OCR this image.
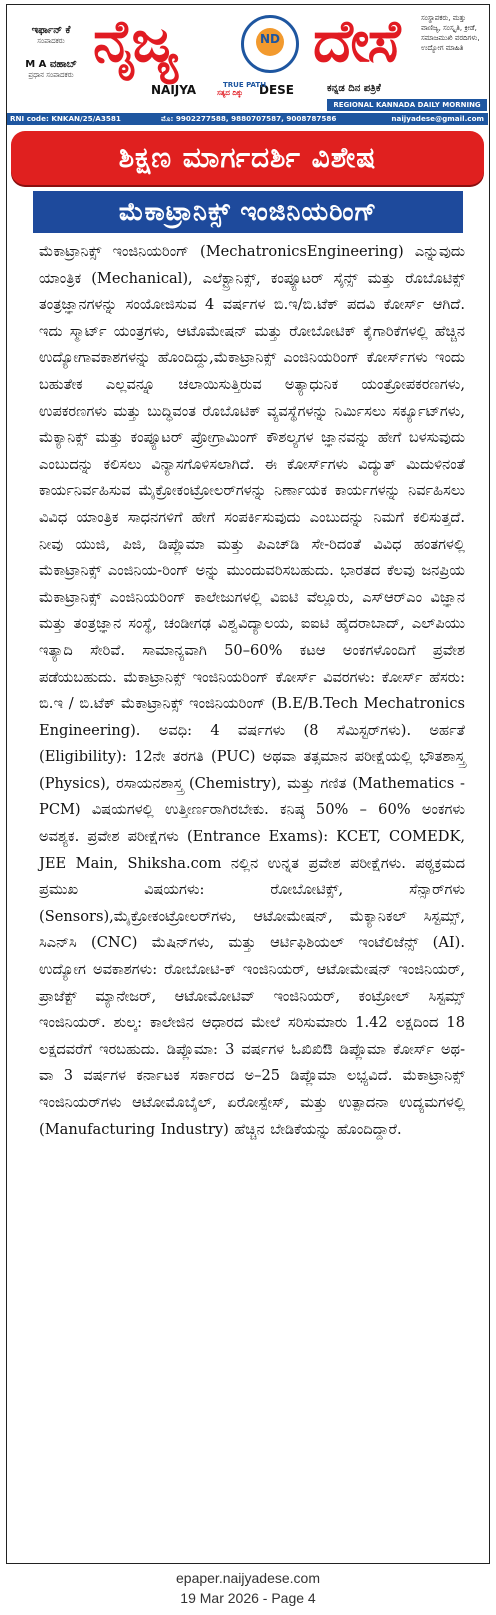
ಇರ್ಫಾನ್ ಕೆ
ಸಂಪಾದಕರು
M A ವಹಾಬ್
ಪ್ರಧಾನ ಸಂಪಾದಕರು ನೈಜ್ಯ	ND ದೇಸೆ
NAIJYA	DESE
TRUE PATH
ಸತ್ಯದ ದಿಕ್ಕು	ಕನ್ನಡ ದಿನ ಪತ್ರಿಕೆ
ಸಂಸ್ಥಾಪಕರು, ಮತ್ತು ವಾಣಿಜ್ಯ, ಸಂಸ್ಕೃತಿ, ಕ್ರೀಡೆ, ಸಮಾಜಮುಖಿ ವರದಿಗಳು, ಉದ್ಯೋಗ ಮಾಹಿತಿ
REGIONAL KANNADA DAILY MORNING
RNI code: KNKAN/25/A3581	ಮೊ: 9902277588, 9880707587, 9008787586	naijyadese@gmail.com
ಶಿಕ್ಷಣ ಮಾರ್ಗದರ್ಶಿ ವಿಶೇಷ
ಮೆಕಾಟ್ರಾನಿಕ್ಸ್ ಇಂಜಿನಿಯರಿಂಗ್
ಮೆಕಾಟ್ರಾನಿಕ್ಸ್ ಇಂಜಿನಿಯರಿಂಗ್ (MechatronicsEngineering) ಎನ್ನುವುದು ಯಾಂತ್ರಿಕ (Mechanical), ಎಲೆಕ್ಟ್ರಾನಿಕ್ಸ್, ಕಂಪ್ಯೂಟರ್ ಸೈನ್ಸ್ ಮತ್ತು ರೊಬೊಟಿಕ್ಸ್ ತಂತ್ರಜ್ಞಾನಗಳನ್ನು ಸಂಯೋಜಿಸುವ 4 ವರ್ಷಗಳ ಬಿ.ಇ/ಬಿ.ಟೆಕ್ ಪದವಿ ಕೋರ್ಸ್ ಆಗಿದೆ. ಇದು ಸ್ಮಾರ್ಟ್ ಯಂತ್ರಗಳು, ಆಟೊಮೇಷನ್ ಮತ್ತು ರೋಬೋಟಿಕ್ ಕೈಗಾರಿಕೆಗಳಲ್ಲಿ ಹೆಚ್ಚಿನ ಉದ್ಯೋಗಾವಕಾಶಗಳನ್ನು ಹೊಂದಿದ್ದು,ಮೆಕಾಟ್ರಾನಿಕ್ಸ್ ಎಂಜಿನಿಯರಿಂಗ್ ಕೋರ್ಸ್‌ಗಳು ಇಂದು ಬಹುತೇಕ ಎಲ್ಲವನ್ನೂ ಚಲಾಯಿಸುತ್ತಿರುವ ಅತ್ಯಾಧುನಿಕ ಯಂತ್ರೋಪಕರಣಗಳು, ಉಪಕರಣಗಳು ಮತ್ತು ಬುದ್ಧಿವಂತ ರೊಬೊಟಿಕ್ ವ್ಯವಸ್ಥೆಗಳನ್ನು ನಿರ್ಮಿಸಲು ಸರ್ಕ್ಯೂಟ್‌ಗಳು, ಮೆಕ್ಯಾನಿಕ್ಸ್ ಮತ್ತು ಕಂಪ್ಯೂಟರ್ ಪ್ರೋಗ್ರಾಮಿಂಗ್ ಕೌಶಲ್ಯಗಳ ಜ್ಞಾನವನ್ನು ಹೇಗೆ ಬಳಸುವುದು ಎಂಬುದನ್ನು ಕಲಿಸಲು ವಿನ್ಯಾಸಗೊಳಿಸಲಾಗಿದೆ. ಈ ಕೋರ್ಸ್‌ಗಳು ವಿದ್ಯುತ್ ಮಿದುಳಿನಂತೆ ಕಾರ್ಯನಿರ್ವಹಿಸುವ ಮೈಕ್ರೋಕಂಟ್ರೋಲರ್‌ಗಳನ್ನು ನಿರ್ಣಾಯಕ ಕಾರ್ಯಗಳನ್ನು ನಿರ್ವಹಿಸಲು ವಿವಿಧ ಯಾಂತ್ರಿಕ ಸಾಧನಗಳಿಗೆ ಹೇಗೆ ಸಂಪರ್ಕಿಸುವುದು ಎಂಬುದನ್ನು ನಿಮಗೆ ಕಲಿಸುತ್ತದೆ. ನೀವು ಯುಜಿ, ಪಿಜಿ, ಡಿಪ್ಲೊಮಾ ಮತ್ತು ಪಿಎಚ್‌ಡಿ ಸೇ-ರಿದಂತೆ ವಿವಿಧ ಹಂತಗಳಲ್ಲಿ ಮೆಕಾಟ್ರಾನಿಕ್ಸ್ ಎಂಜಿನಿಯ-ರಿಂಗ್ ಅನ್ನು ಮುಂದುವರಿಸಬಹುದು. ಭಾರತದ ಕೆಲವು ಜನಪ್ರಿಯ ಮೆಕಾಟ್ರಾನಿಕ್ಸ್ ಎಂಜಿನಿಯರಿಂಗ್ ಕಾಲೇಜುಗಳಲ್ಲಿ ವಿಐಟಿ ವೆಲ್ಲೂರು, ಎಸ್‌ಆರ್‌ಎಂ ವಿಜ್ಞಾನ ಮತ್ತು ತಂತ್ರಜ್ಞಾನ ಸಂಸ್ಥೆ, ಚಂಡೀಗಢ ವಿಶ್ವವಿದ್ಯಾಲಯ, ಐಐಟಿ ಹೈದರಾಬಾದ್, ಎಲ್‌ಪಿಯು ಇತ್ಯಾದಿ ಸೇರಿವೆ. ಸಾಮಾನ್ಯವಾಗಿ 50–60% ಕಟಆ ಅಂಕಗಳೊಂದಿಗೆ ಪ್ರವೇಶ ಪಡೆಯಬಹುದು. ಮೆಕಾಟ್ರಾನಿಕ್ಸ್ ಇಂಜಿನಿಯರಿಂಗ್ ಕೋರ್ಸ್ ವಿವರಗಳು: ಕೋರ್ಸ್ ಹೆಸರು: ಬಿ.ಇ / ಬಿ.ಟೆಕ್ ಮೆಕಾಟ್ರಾನಿಕ್ಸ್ ಇಂಜಿನಿಯರಿಂಗ್ (B.E/B.Tech Mechatronics Engineering). ಅವಧಿ: 4 ವರ್ಷಗಳು (8 ಸೆಮಿಸ್ಟರ್‌ಗಳು). ಅರ್ಹತೆ (Eligibility): 12ನೇ ತರಗತಿ (PUC) ಅಥವಾ ತತ್ಸಮಾನ ಪರೀಕ್ಷೆಯಲ್ಲಿ ಭೌತಶಾಸ್ತ್ರ (Physics), ರಸಾಯನಶಾಸ್ತ್ರ (Chemistry), ಮತ್ತು ಗಣಿತ (Mathematics - PCM) ವಿಷಯಗಳಲ್ಲಿ ಉತ್ತೀರ್ಣರಾಗಿರಬೇಕು. ಕನಿಷ್ಠ 50% – 60% ಅಂಕಗಳು ಅವಶ್ಯಕ. ಪ್ರವೇಶ ಪರೀಕ್ಷೆಗಳು (Entrance Exams): KCET, COMEDK, JEE Main, Shiksha.com ನಲ್ಲಿನ ಉನ್ನತ ಪ್ರವೇಶ ಪರೀಕ್ಷೆಗಳು. ಪಠ್ಯಕ್ರಮದ ಪ್ರಮುಖ ವಿಷಯಗಳು: ರೋಬೋಟಿಕ್ಸ್, ಸೆನ್ಸಾರ್‌ಗಳು (Sensors),ಮೈಕ್ರೋಕಂಟ್ರೋಲರ್‌ಗಳು, ಆಟೋಮೇಷನ್, ಮೆಕ್ಯಾನಿಕಲ್ ಸಿಸ್ಟಮ್ಸ್, ಸಿಎನ್‌ಸಿ (CNC) ಮೆಷಿನ್‌ಗಳು, ಮತ್ತು ಆರ್ಟಿಫಿಶಿಯಲ್ ಇಂಟೆಲಿಜೆನ್ಸ್ (AI). ಉದ್ಯೋಗ ಅವಕಾಶಗಳು: ರೋಬೋಟಿ-ಕ್ ಇಂಜಿನಿಯರ್, ಆಟೋಮೇಷನ್ ಇಂಜಿನಿಯರ್, ಪ್ರಾಜೆಕ್ಟ್ ಮ್ಯಾನೇಜರ್, ಆಟೋಮೋಟಿವ್ ಇಂಜಿನಿಯರ್, ಕಂಟ್ರೋಲ್ ಸಿಸ್ಟಮ್ಸ್ ಇಂಜಿನಿಯರ್. ಶುಲ್ಕ: ಕಾಲೇಜಿನ ಆಧಾರದ ಮೇಲೆ ಸರಿಸುಮಾರು 1.42 ಲಕ್ಷದಿಂದ 18 ಲಕ್ಷದವರೆಗೆ ಇರಬಹುದು. ಡಿಪ್ಲೊಮಾ: 3 ವರ್ಷಗಳ ಓಖಿಖಿಔ ಡಿಪ್ಲೊಮಾ ಕೋರ್ಸ್ ಅಥ-ವಾ 3 ವರ್ಷಗಳ ಕರ್ನಾಟಕ ಸರ್ಕಾರದ ಅ–25 ಡಿಪ್ಲೊಮಾ ಲಭ್ಯವಿದೆ. ಮೆಕಾಟ್ರಾನಿಕ್ಸ್ ಇಂಜಿನಿಯರ್‌ಗಳು ಆಟೋಮೊಬೈಲ್, ಏರೋಸ್ಪೇಸ್, ಮತ್ತು ಉತ್ಪಾದನಾ ಉದ್ಯಮಗಳಲ್ಲಿ (Manufacturing Industry) ಹೆಚ್ಚಿನ ಬೇಡಿಕೆಯನ್ನು ಹೊಂದಿದ್ದಾರೆ.
epaper.naijyadese.com
19 Mar 2026 - Page 4
